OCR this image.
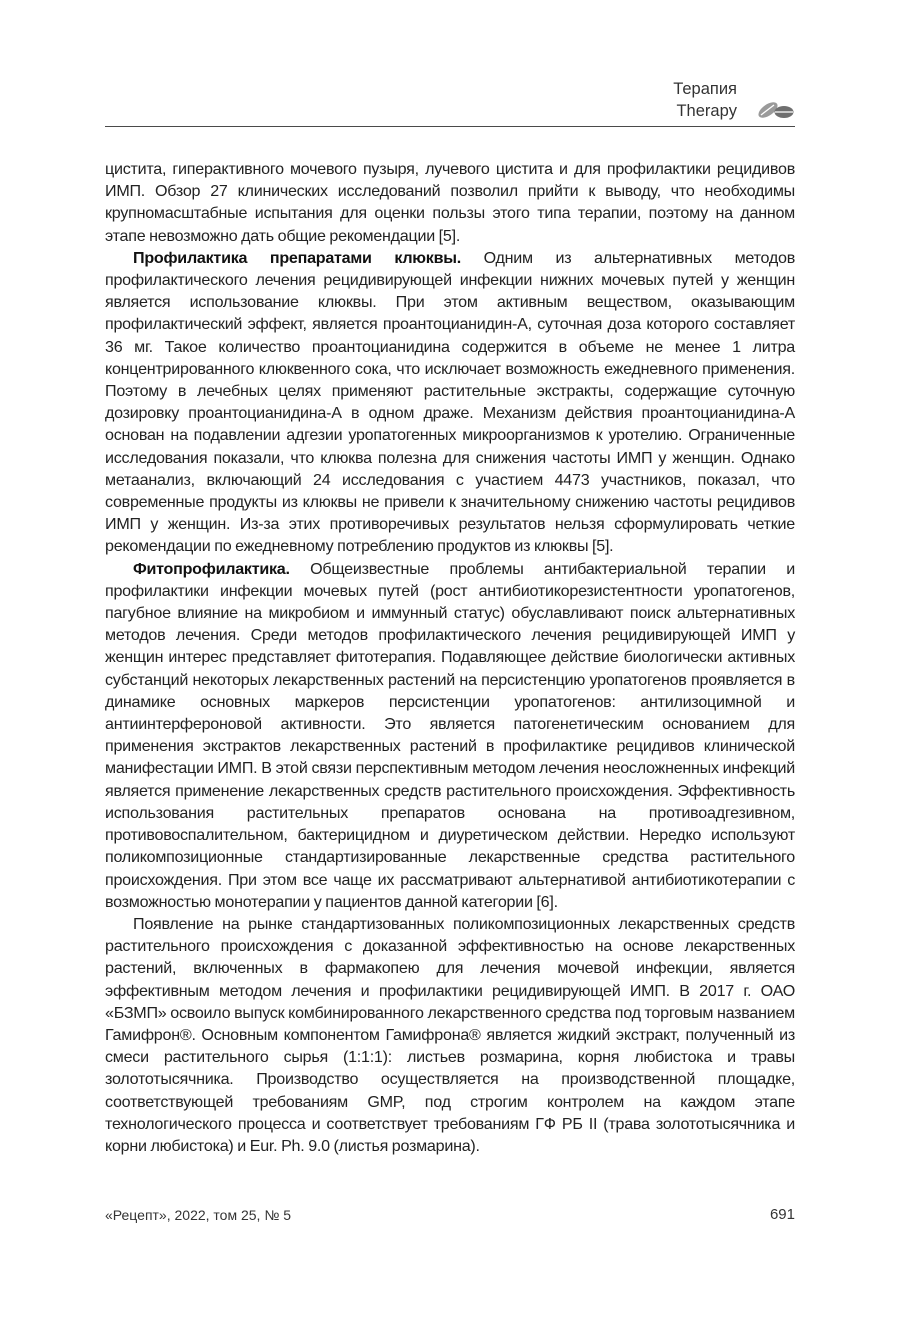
Терапия
Therapy

цистита, гиперактивного мочевого пузыря, лучевого цистита и для профилактики рецидивов ИМП. Обзор 27 клинических исследований позволил прийти к выводу, что необходимы крупномасштабные испытания для оценки пользы этого типа терапии, поэтому на данном этапе невозможно дать общие рекомендации [5].

Профилактика препаратами клюквы. Одним из альтернативных методов профилактического лечения рецидивирующей инфекции нижних мочевых путей у женщин является использование клюквы. При этом активным веществом, оказывающим профилактический эффект, является проантоцианидин-А, суточная доза которого составляет 36 мг. Такое количество проантоцианидина содержится в объеме не менее 1 литра концентрированного клюквенного сока, что исключает возможность ежедневного применения. Поэтому в лечебных целях применяют растительные экстракты, содержащие суточную дозировку проантоцианидина-А в одном драже. Механизм действия проантоцианидина-А основан на подавлении адгезии уропатогенных микроорганизмов к уротелию. Ограниченные исследования показали, что клюква полезна для снижения частоты ИМП у женщин. Однако метаанализ, включающий 24 исследования с участием 4473 участников, показал, что современные продукты из клюквы не привели к значительному снижению частоты рецидивов ИМП у женщин. Из-за этих противоречивых результатов нельзя сформулировать четкие рекомендации по ежедневному потреблению продуктов из клюквы [5].

Фитопрофилактика. Общеизвестные проблемы антибактериальной терапии и профилактики инфекции мочевых путей (рост антибиотикорезистентности уропатогенов, пагубное влияние на микробиом и иммунный статус) обуславливают поиск альтернативных методов лечения. Среди методов профилактического лечения рецидивирующей ИМП у женщин интерес представляет фитотерапия. Подавляющее действие биологически активных субстанций некоторых лекарственных растений на персистенцию уропатогенов проявляется в динамике основных маркеров персистенции уропатогенов: антилизоцимной и антиинтерфероновой активности. Это является патогенетическим основанием для применения экстрактов лекарственных растений в профилактике рецидивов клинической манифестации ИМП. В этой связи перспективным методом лечения неосложненных инфекций является применение лекарственных средств растительного происхождения. Эффективность использования растительных препаратов основана на противоадгезивном, противовоспалительном, бактерицидном и диуретическом действии. Нередко используют поликомпозиционные стандартизированные лекарственные средства растительного происхождения. При этом все чаще их рассматривают альтернативой антибиотикотерапии с возможностью монотерапии у пациентов данной категории [6].

Появление на рынке стандартизованных поликомпозиционных лекарственных средств растительного происхождения с доказанной эффективностью на основе лекарственных растений, включенных в фармакопею для лечения мочевой инфекции, является эффективным методом лечения и профилактики рецидивирующей ИМП. В 2017 г. ОАО «БЗМП» освоило выпуск комбинированного лекарственного средства под торговым названием Гамифрон®. Основным компонентом Гамифрона® является жидкий экстракт, полученный из смеси растительного сырья (1:1:1): листьев розмарина, корня любистока и травы золототысячника. Производство осуществляется на производственной площадке, соответствующей требованиям GMP, под строгим контролем на каждом этапе технологического процесса и соответствует требованиям ГФ РБ II (трава золототысячника и корни любистока) и Eur. Ph. 9.0 (листья розмарина).

«Рецепт», 2022, том 25, № 5	691
